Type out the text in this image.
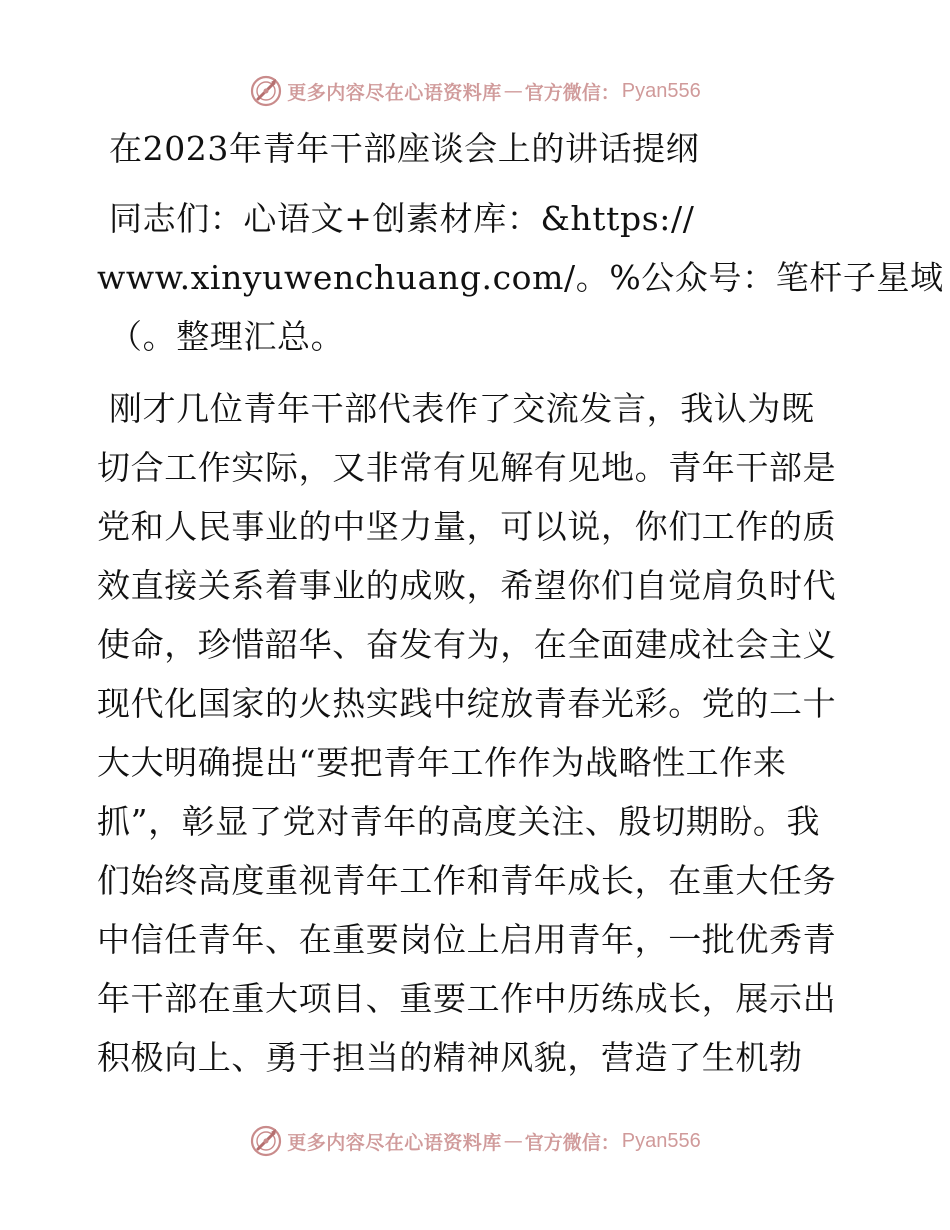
更多内容尽在心语资料库 — 官方微信： Pyan556
在2023年青年干部座谈会上的讲话提纲
同志们：心语文+创素材库：&https://
www.xinyuwenchuang.com/。%公众号：笔杆子星域
（。整理汇总。
刚才几位青年干部代表作了交流发言，我认为既
切合工作实际，又非常有见解有见地。青年干部是
党和人民事业的中坚力量，可以说，你们工作的质
效直接关系着事业的成败，希望你们自觉肩负时代
使命，珍惜韶华、奋发有为，在全面建成社会主义
现代化国家的火热实践中绽放青春光彩。党的二十
大大明确提出“要把青年工作作为战略性工作来
抓”，彰显了党对青年的高度关注、殷切期盼。我
们始终高度重视青年工作和青年成长，在重大任务
中信任青年、在重要岗位上启用青年，一批优秀青
年干部在重大项目、重要工作中历练成长，展示出
积极向上、勇于担当的精神风貌，营造了生机勃
更多内容尽在心语资料库 — 官方微信： Pyan556
